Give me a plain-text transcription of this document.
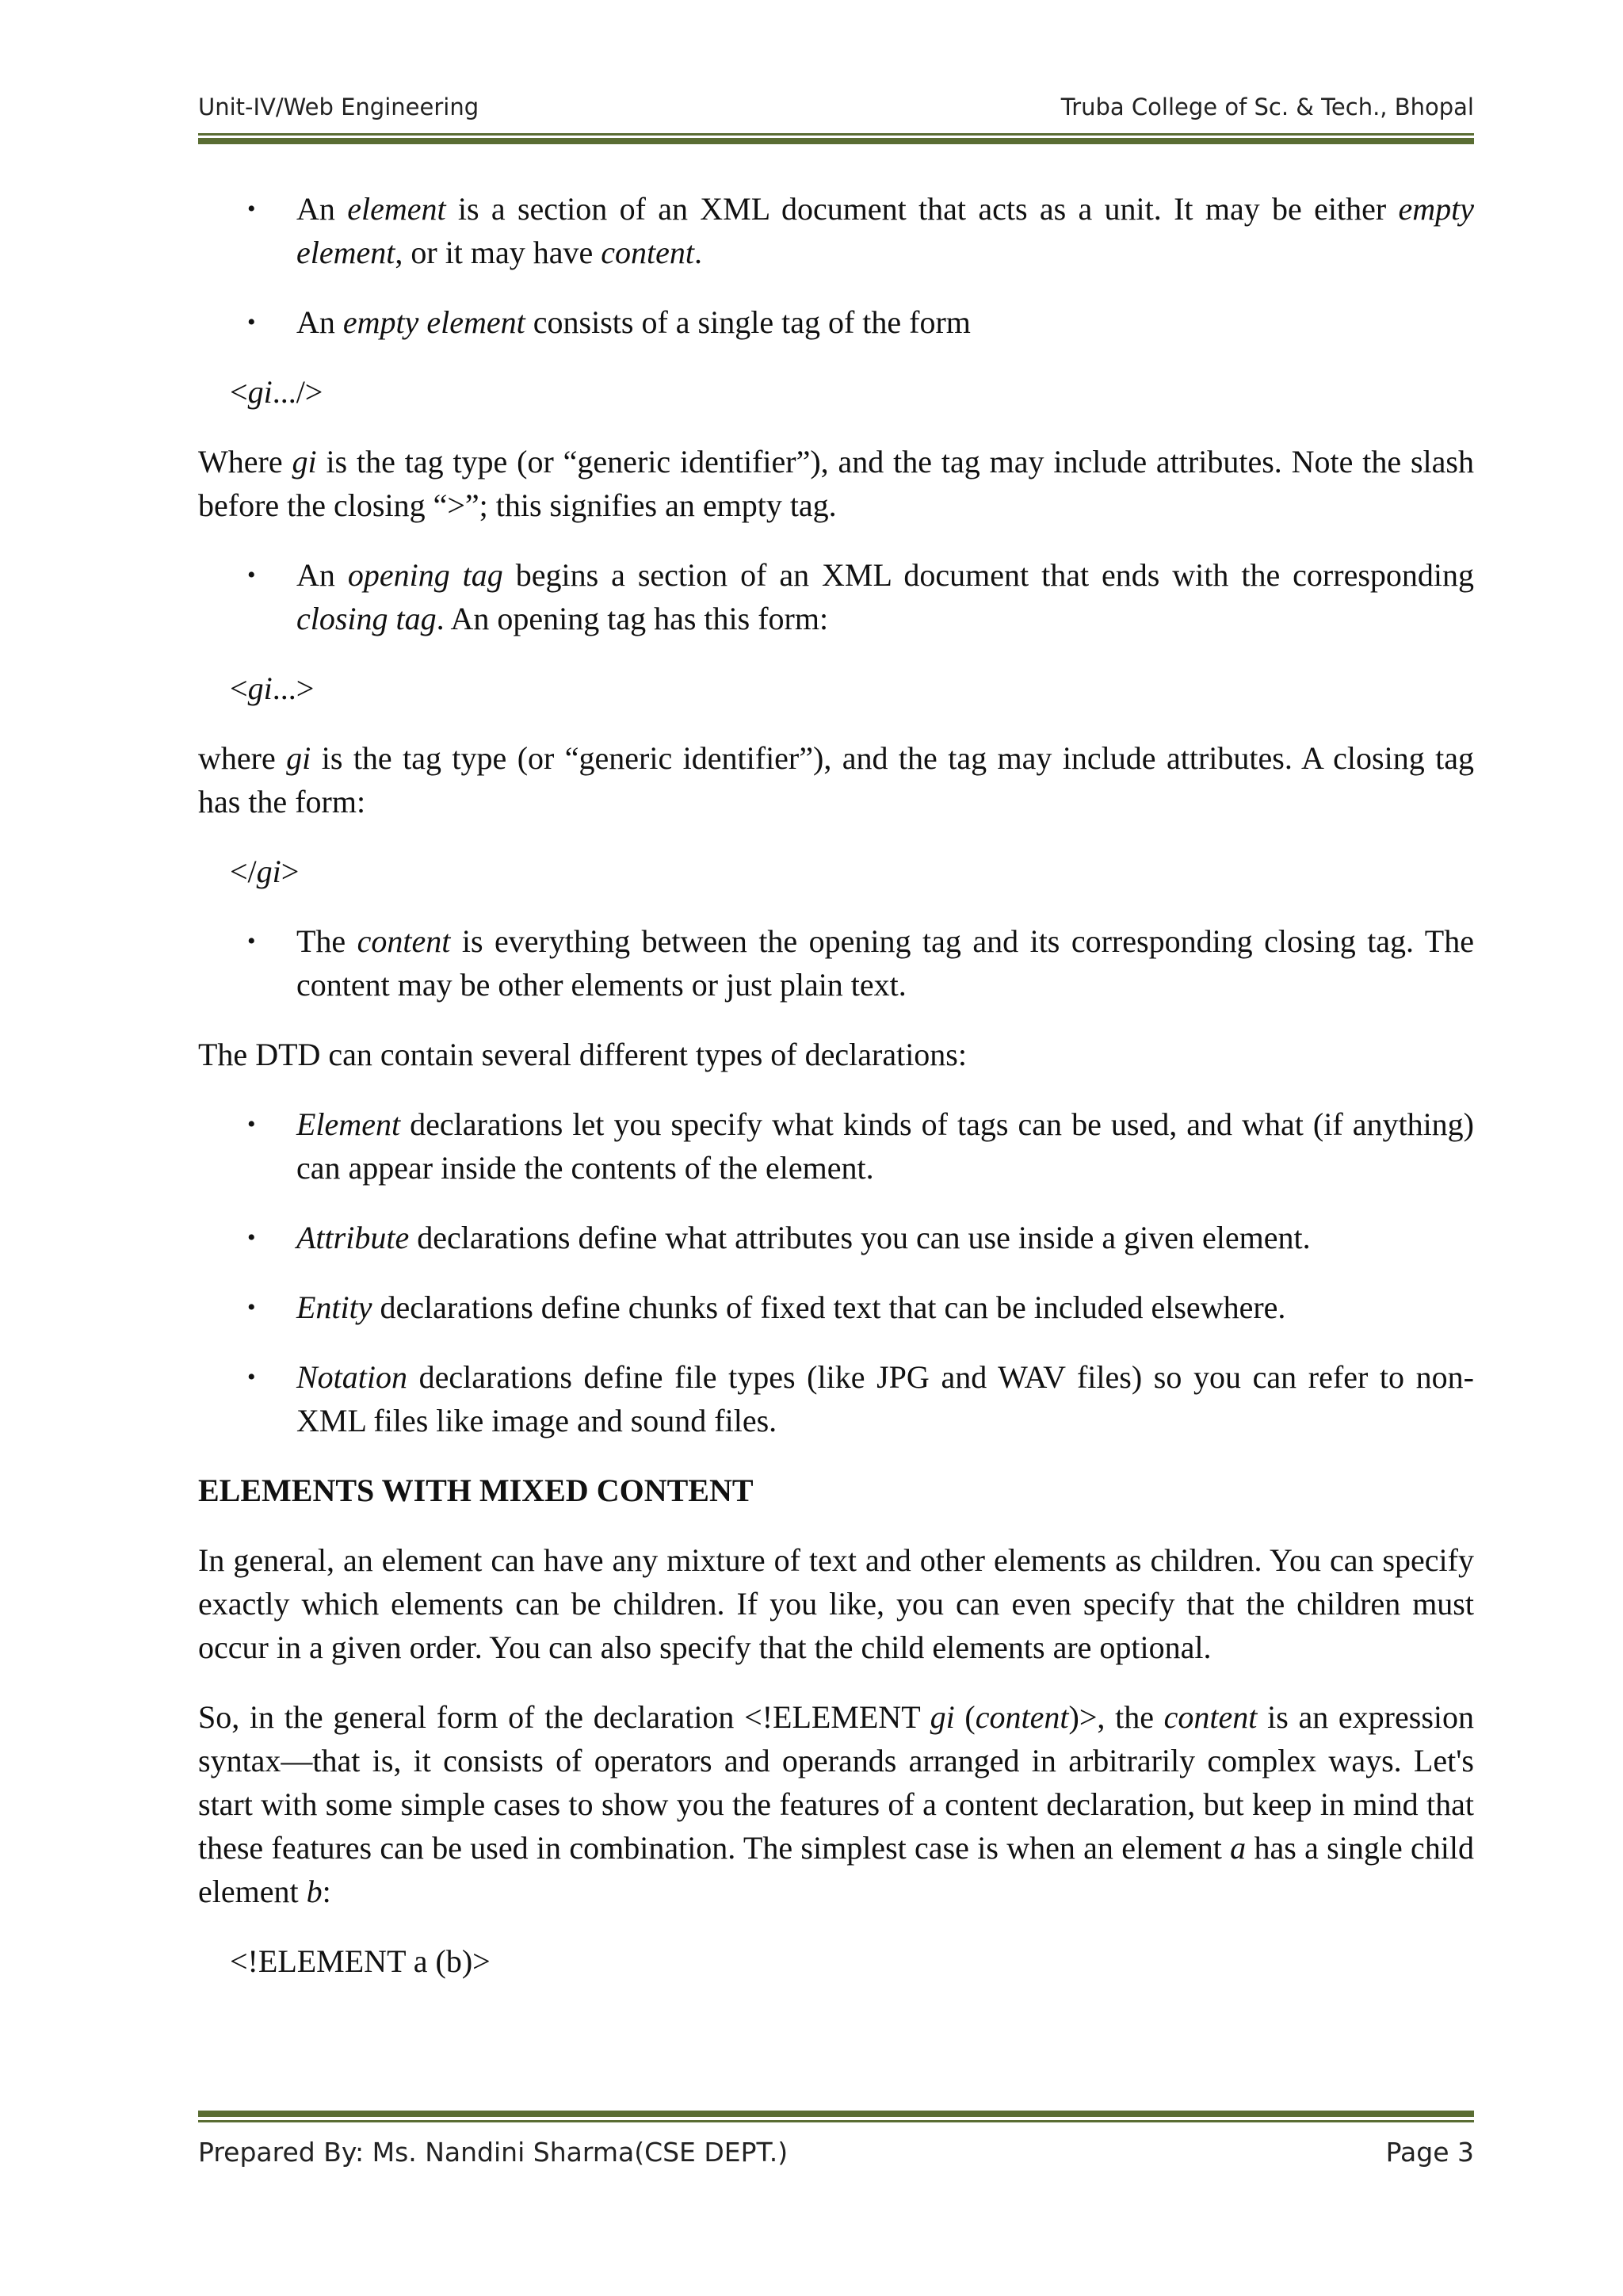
Unit-IV/Web Engineering	Truba College of Sc. & Tech., Bhopal
• An element is a section of an XML document that acts as a unit. It may be either empty element, or it may have content.
• An empty element consists of a single tag of the form
<gi.../>

Where gi is the tag type (or “generic identifier”), and the tag may include attributes. Note the slash before the closing “>”; this signifies an empty tag.

• An opening tag begins a section of an XML document that ends with the corresponding closing tag. An opening tag has this form:
<gi...>

where gi is the tag type (or “generic identifier”), and the tag may include attributes. A closing tag has the form:

</gi>
• The content is everything between the opening tag and its corresponding closing tag. The content may be other elements or just plain text.

The DTD can contain several different types of declarations:

• Element declarations let you specify what kinds of tags can be used, and what (if anything) can appear inside the contents of the element.
• Attribute declarations define what attributes you can use inside a given element.
• Entity declarations define chunks of fixed text that can be included elsewhere.
• Notation declarations define file types (like JPG and WAV files) so you can refer to non-XML files like image and sound files.
ELEMENTS WITH MIXED CONTENT

In general, an element can have any mixture of text and other elements as children. You can specify exactly which elements can be children. If you like, you can even specify that the children must occur in a given order. You can also specify that the child elements are optional.

So, in the general form of the declaration <!ELEMENT gi (content)>, the content is an expression syntax—that is, it consists of operators and operands arranged in arbitrarily complex ways. Let's start with some simple cases to show you the features of a content declaration, but keep in mind that these features can be used in combination. The simplest case is when an element a has a single child element b:

<!ELEMENT a (b)>
Prepared By: Ms. Nandini Sharma(CSE DEPT.)	Page 3
